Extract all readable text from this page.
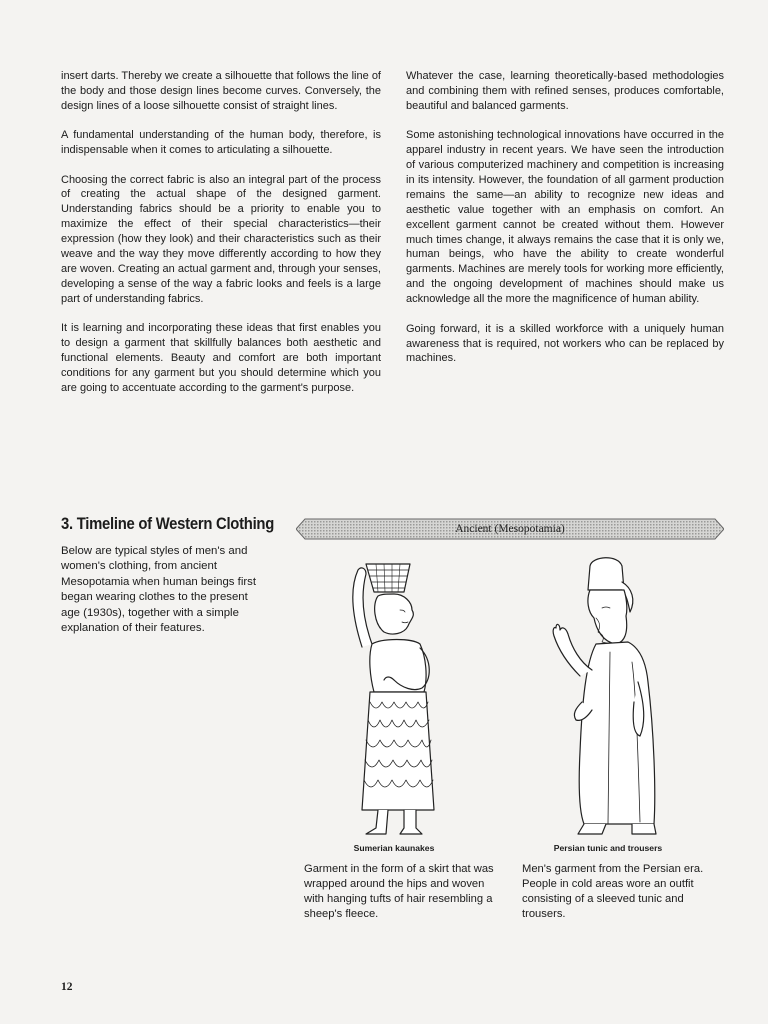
insert darts. Thereby we create a silhouette that follows the line of the body and those design lines become curves. Conversely, the design lines of a loose silhouette consist of straight lines.

A fundamental understanding of the human body, therefore, is indispensable when it comes to articulating a silhouette.

Choosing the correct fabric is also an integral part of the process of creating the actual shape of the designed garment. Understanding fabrics should be a priority to enable you to maximize the effect of their special characteristics—their expression (how they look) and their characteristics such as their weave and the way they move differently according to how they are woven. Creating an actual garment and, through your senses, developing a sense of the way a fabric looks and feels is a large part of understanding fabrics.

It is learning and incorporating these ideas that first enables you to design a garment that skillfully balances both aesthetic and functional elements. Beauty and comfort are both important conditions for any garment but you should determine which you are going to accentuate according to the garment's purpose.

Whatever the case, learning theoretically-based methodologies and combining them with refined senses, produces comfortable, beautiful and balanced garments.

Some astonishing technological innovations have occurred in the apparel industry in recent years. We have seen the introduction of various computerized machinery and competition is increasing in its intensity. However, the foundation of all garment production remains the same—an ability to recognize new ideas and aesthetic value together with an emphasis on comfort. An excellent garment cannot be created without them. However much times change, it always remains the case that it is only we, human beings, who have the ability to create wonderful garments. Machines are merely tools for working more efficiently, and the ongoing development of machines should make us acknowledge all the more the magnificence of human ability.

Going forward, it is a skilled workforce with a uniquely human awareness that is required, not workers who can be replaced by machines.

3. Timeline of Western Clothing
Below are typical styles of men's and women's clothing, from ancient Mesopotamia when human beings first began wearing clothes to the present age (1930s), together with a simple explanation of their features.
Ancient (Mesopotamia)
Sumerian kaunakes	Persian tunic and trousers
Garment in the form of a skirt that was wrapped around the hips and woven with hanging tufts of hair resembling a sheep's fleece.
Men's garment from the Persian era. People in cold areas wore an outfit consisting of a sleeved tunic and trousers.
12
